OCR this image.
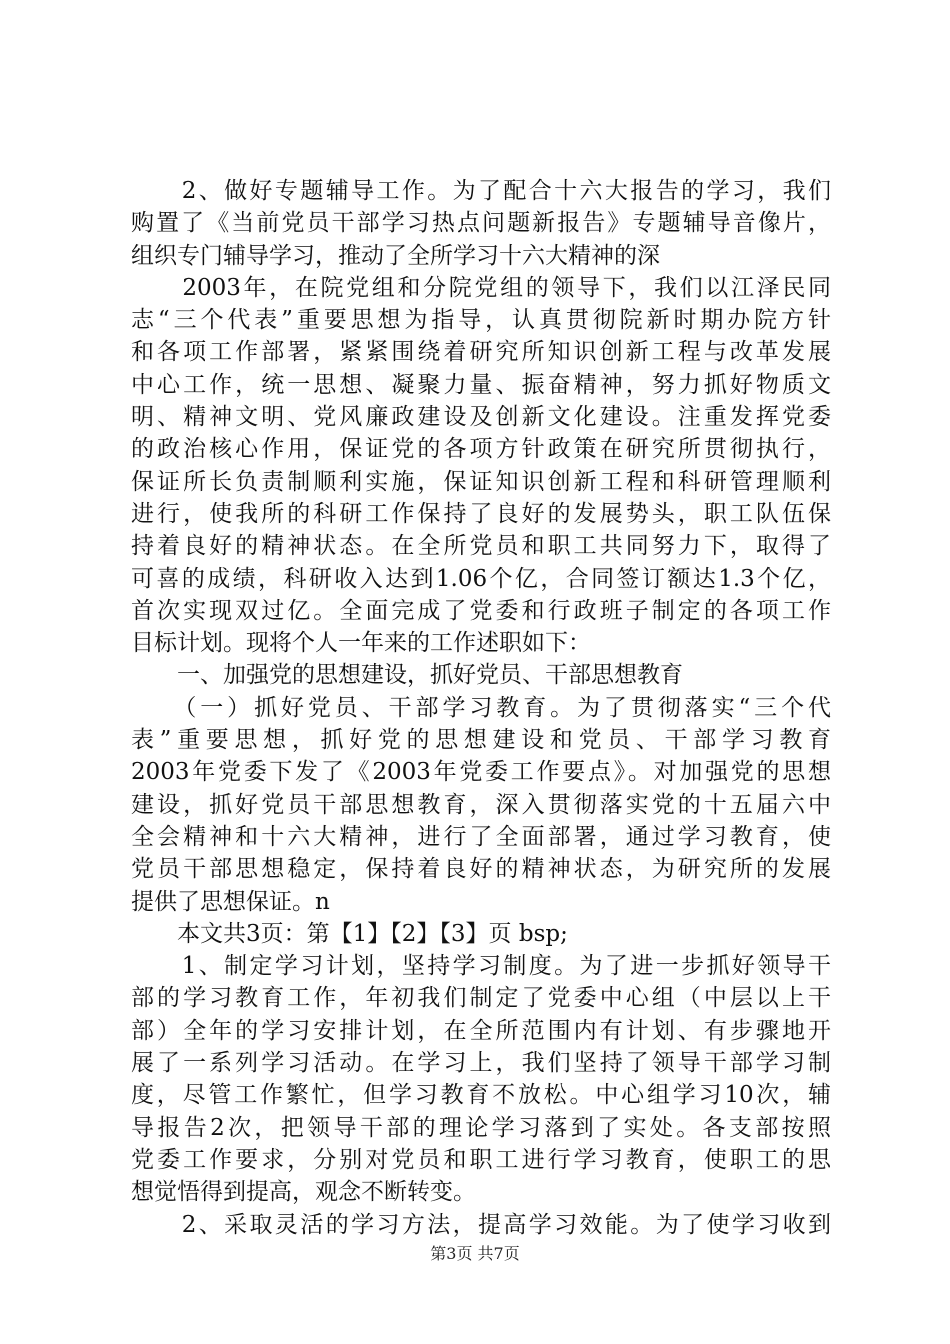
　　2、做好专题辅导工作。为了配合十六大报告的学习，我们
购置了《当前党员干部学习热点问题新报告》专题辅导音像片，
组织专门辅导学习，推动了全所学习十六大精神的深
　　2003年，在院党组和分院党组的领导下，我们以江泽民同
志“三个代表”重要思想为指导，认真贯彻院新时期办院方针
和各项工作部署，紧紧围绕着研究所知识创新工程与改革发展
中心工作，统一思想、凝聚力量、振奋精神，努力抓好物质文
明、精神文明、党风廉政建设及创新文化建设。注重发挥党委
的政治核心作用，保证党的各项方针政策在研究所贯彻执行，
保证所长负责制顺利实施，保证知识创新工程和科研管理顺利
进行，使我所的科研工作保持了良好的发展势头，职工队伍保
持着良好的精神状态。在全所党员和职工共同努力下，取得了
可喜的成绩，科研收入达到1.06个亿，合同签订额达1.3个亿，
首次实现双过亿。全面完成了党委和行政班子制定的各项工作
目标计划。现将个人一年来的工作述职如下：
　　一、加强党的思想建设，抓好党员、干部思想教育
　　（一）抓好党员、干部学习教育。为了贯彻落实“三个代
表”重要思想，抓好党的思想建设和党员、干部学习教育
2003年党委下发了《2003年党委工作要点》。对加强党的思想
建设，抓好党员干部思想教育，深入贯彻落实党的十五届六中
全会精神和十六大精神，进行了全面部署，通过学习教育，使
党员干部思想稳定，保持着良好的精神状态，为研究所的发展
提供了思想保证。n
　　本文共3页：第【1】【2】【3】页 bsp;
　　1、制定学习计划，坚持学习制度。为了进一步抓好领导干
部的学习教育工作，年初我们制定了党委中心组（中层以上干
部）全年的学习安排计划，在全所范围内有计划、有步骤地开
展了一系列学习活动。在学习上，我们坚持了领导干部学习制
度，尽管工作繁忙，但学习教育不放松。中心组学习10次，辅
导报告2次，把领导干部的理论学习落到了实处。各支部按照
党委工作要求，分别对党员和职工进行学习教育，使职工的思
想觉悟得到提高，观念不断转变。
　　2、采取灵活的学习方法，提高学习效能。为了使学习收到
第3页 共7页
